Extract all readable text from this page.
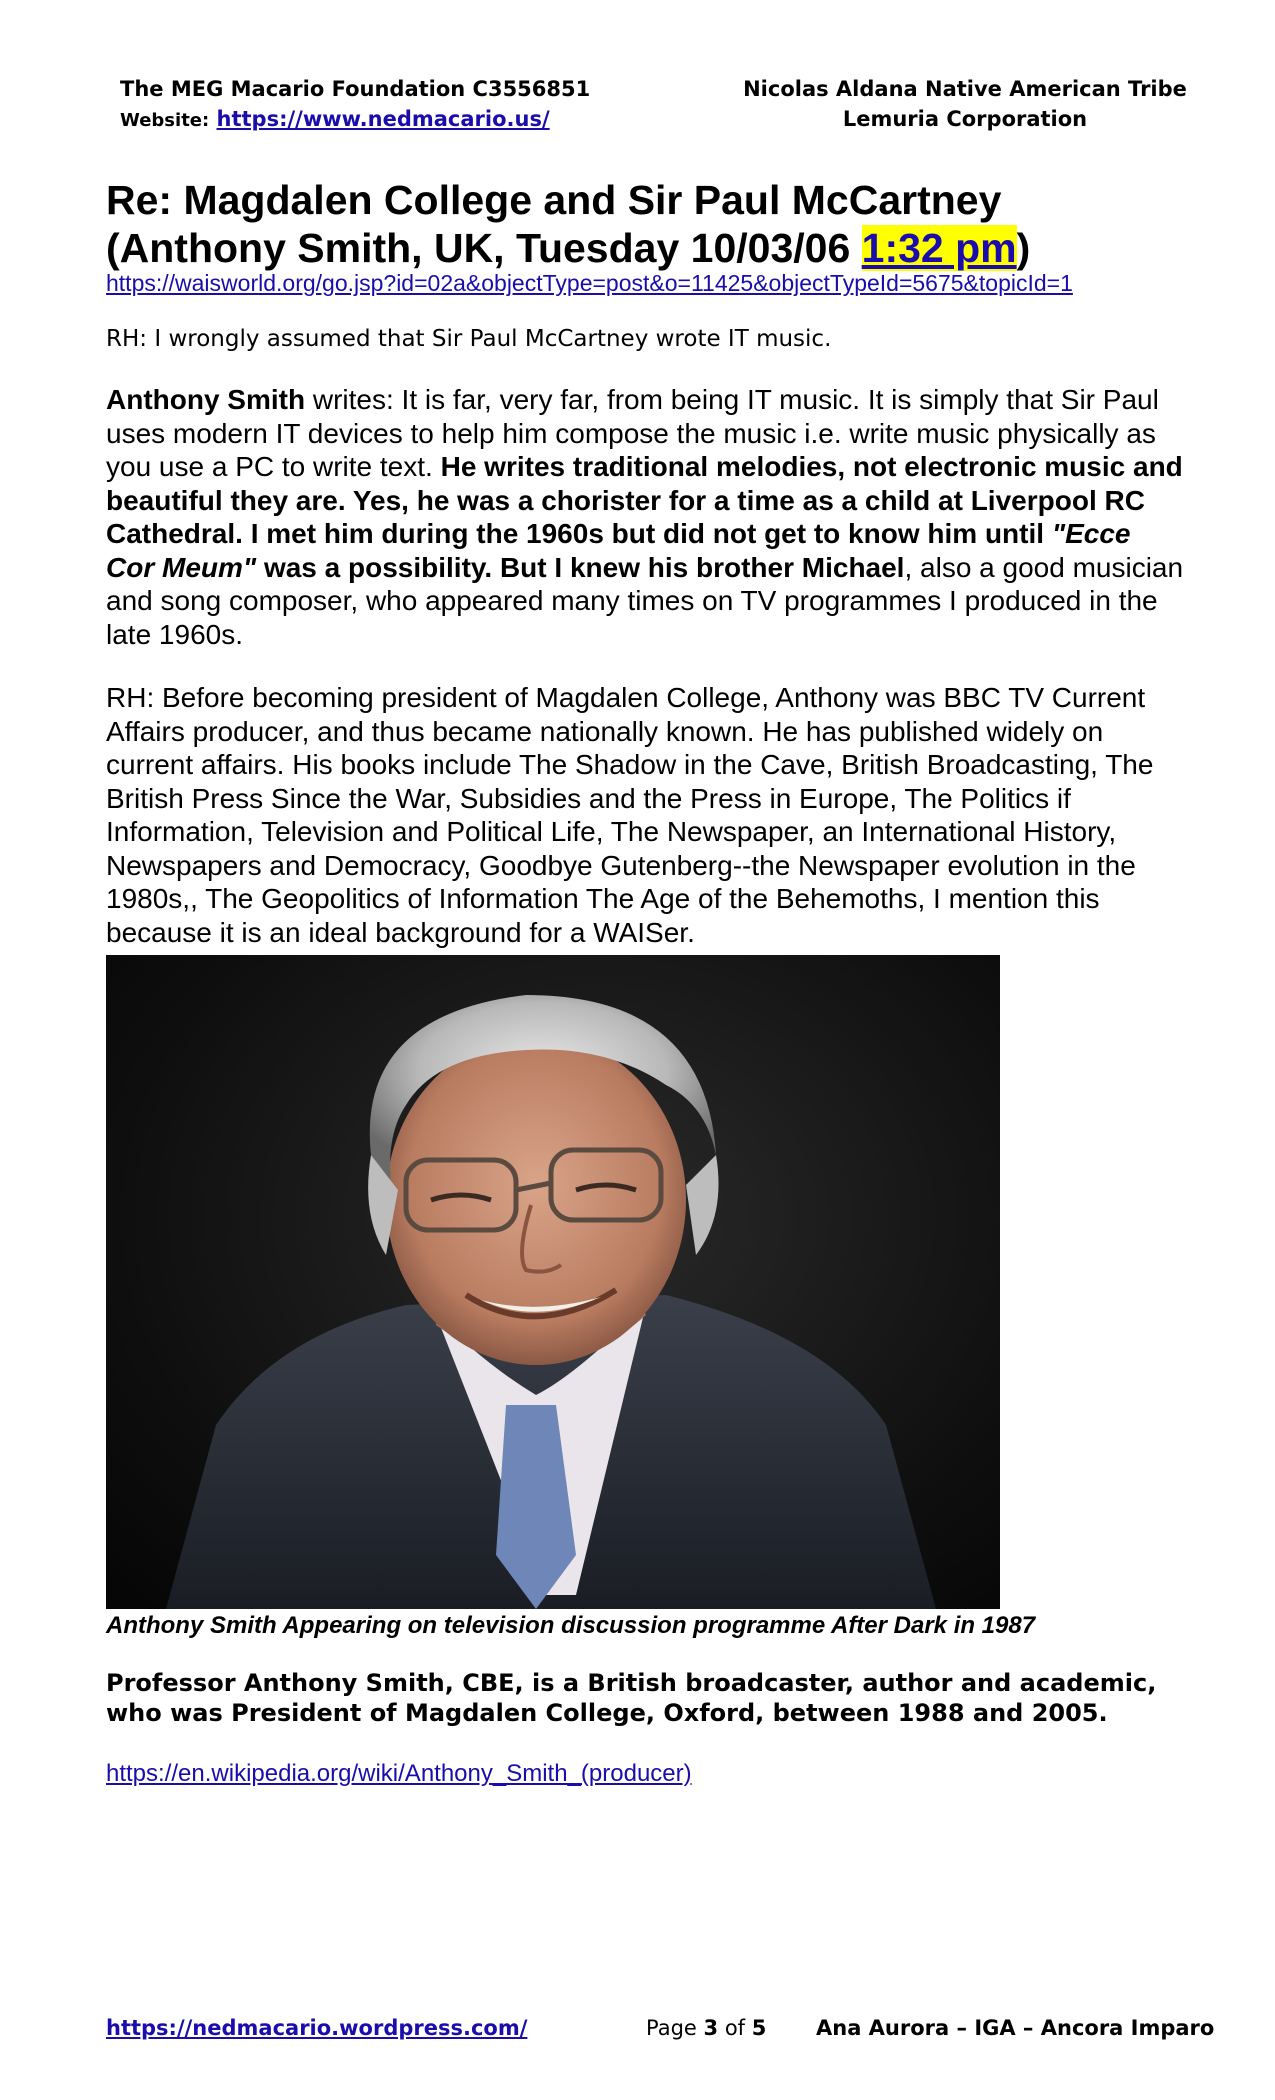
The MEG Macario Foundation C3556851
Website: https://www.nedmacario.us/
Nicolas Aldana Native American Tribe
Lemuria Corporation
Re: Magdalen College and Sir Paul McCartney (Anthony Smith, UK, Tuesday 10/03/06 1:32 pm)
https://waisworld.org/go.jsp?id=02a&objectType=post&o=11425&objectTypeId=5675&topicId=1
RH: I wrongly assumed that Sir Paul McCartney wrote IT music.
Anthony Smith writes: It is far, very far, from being IT music. It is simply that Sir Paul uses modern IT devices to help him compose the music i.e. write music physically as you use a PC to write text. He writes traditional melodies, not electronic music and beautiful they are. Yes, he was a chorister for a time as a child at Liverpool RC Cathedral. I met him during the 1960s but did not get to know him until "Ecce Cor Meum" was a possibility. But I knew his brother Michael, also a good musician and song composer, who appeared many times on TV programmes I produced in the late 1960s.
RH: Before becoming president of Magdalen College, Anthony was BBC TV Current Affairs producer, and thus became nationally known. He has published widely on current affairs. His books include The Shadow in the Cave, British Broadcasting, The British Press Since the War, Subsidies and the Press in Europe, The Politics if Information, Television and Political Life, The Newspaper, an International History, Newspapers and Democracy, Goodbye Gutenberg--the Newspaper evolution in the 1980s,, The Geopolitics of Information The Age of the Behemoths, I mention this because it is an ideal background for a WAISer.
Anthony Smith Appearing on television discussion programme After Dark in 1987
Professor Anthony Smith, CBE, is a British broadcaster, author and academic, who was President of Magdalen College, Oxford, between 1988 and 2005.
https://en.wikipedia.org/wiki/Anthony_Smith_(producer)
https://nedmacario.wordpress.com/	Page 3 of 5 Ana Aurora – IGA – Ancora Imparo
